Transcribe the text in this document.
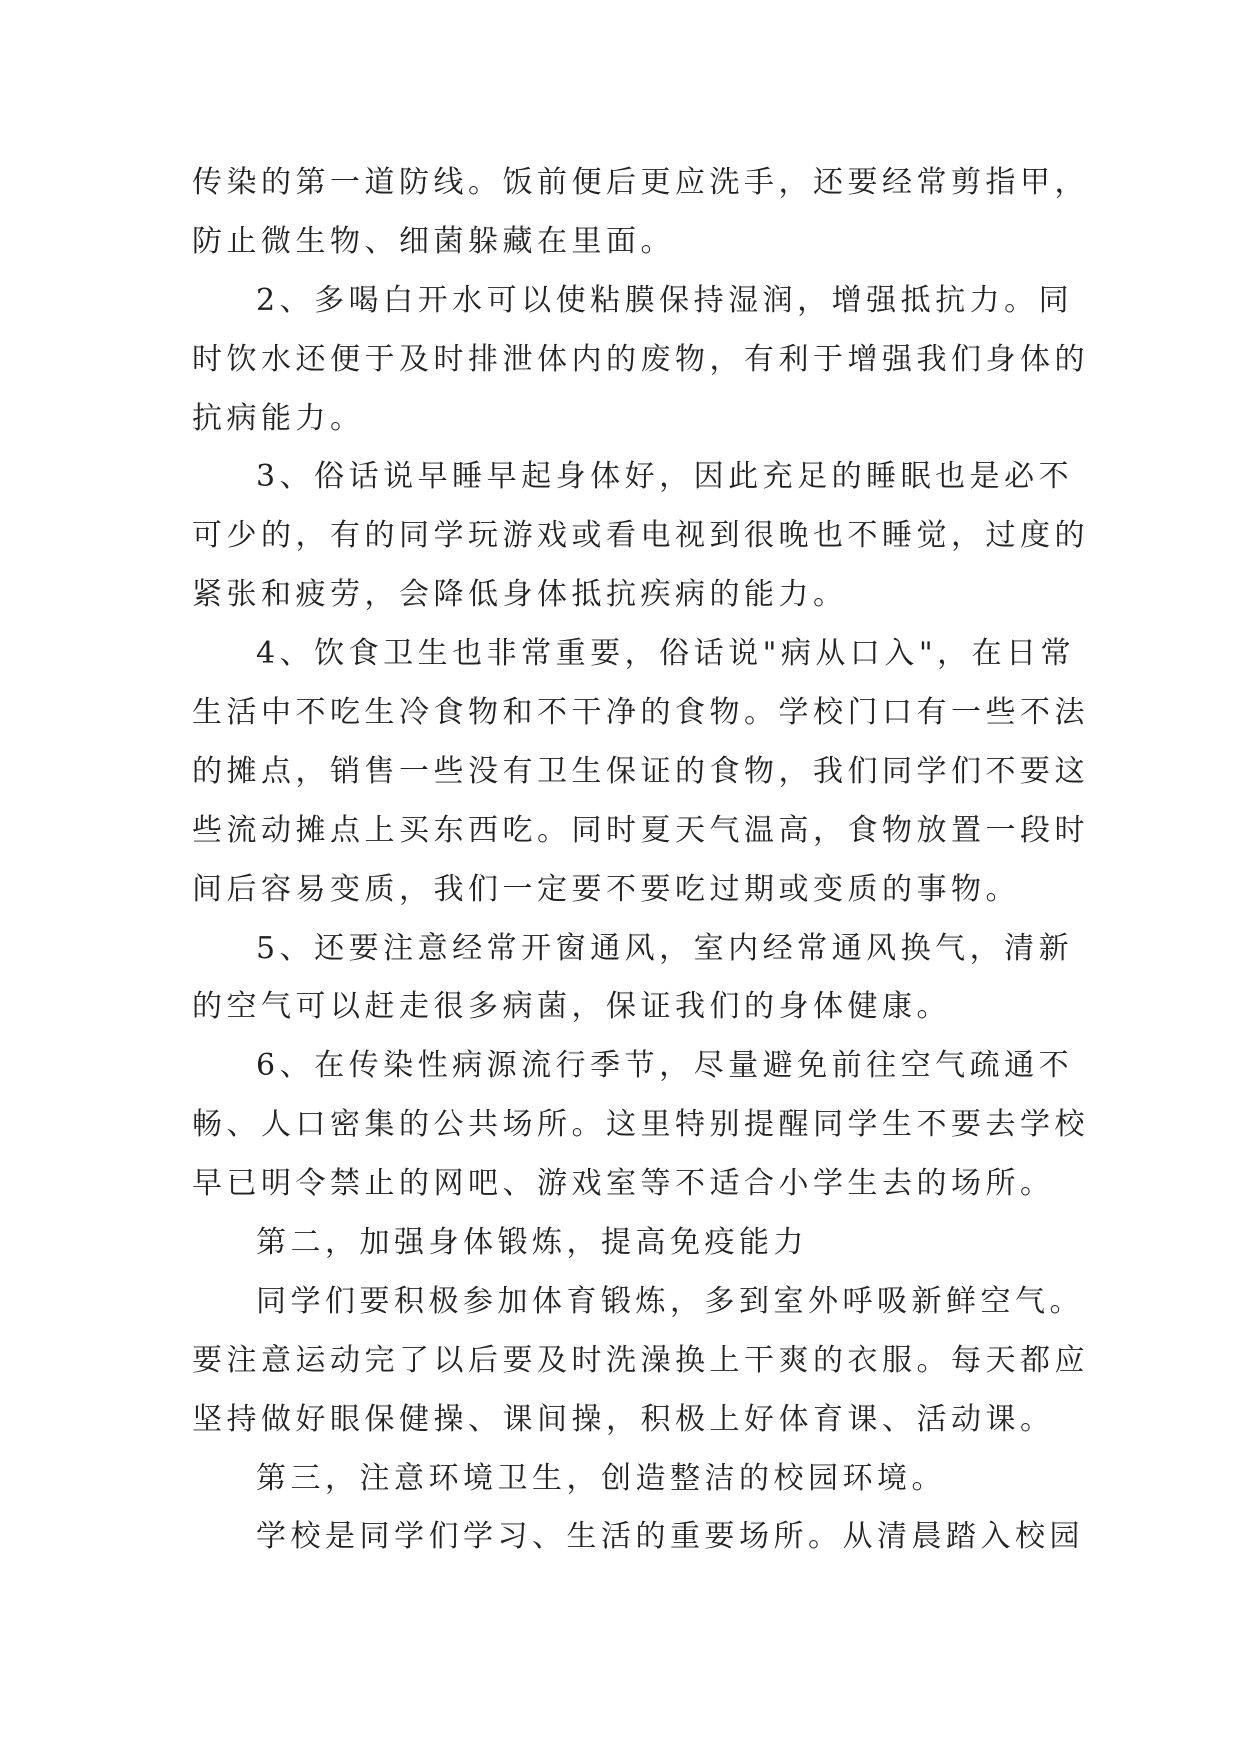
传染的第一道防线。饭前便后更应洗手，还要经常剪指甲，
防止微生物、细菌躲藏在里面。
2、多喝白开水可以使粘膜保持湿润，增强抵抗力。同
时饮水还便于及时排泄体内的废物，有利于增强我们身体的
抗病能力。
3、俗话说早睡早起身体好，因此充足的睡眠也是必不
可少的，有的同学玩游戏或看电视到很晚也不睡觉，过度的
紧张和疲劳，会降低身体抵抗疾病的能力。
4、饮食卫生也非常重要，俗话说"病从口入"，在日常
生活中不吃生冷食物和不干净的食物。学校门口有一些不法
的摊点，销售一些没有卫生保证的食物，我们同学们不要这
些流动摊点上买东西吃。同时夏天气温高，食物放置一段时
间后容易变质，我们一定要不要吃过期或变质的事物。
5、还要注意经常开窗通风，室内经常通风换气，清新
的空气可以赶走很多病菌，保证我们的身体健康。
6、在传染性病源流行季节，尽量避免前往空气疏通不
畅、人口密集的公共场所。这里特别提醒同学生不要去学校
早已明令禁止的网吧、游戏室等不适合小学生去的场所。
第二，加强身体锻炼，提高免疫能力
同学们要积极参加体育锻炼，多到室外呼吸新鲜空气。
要注意运动完了以后要及时洗澡换上干爽的衣服。每天都应
坚持做好眼保健操、课间操，积极上好体育课、活动课。
第三，注意环境卫生，创造整洁的校园环境。
学校是同学们学习、生活的重要场所。从清晨踏入校园
